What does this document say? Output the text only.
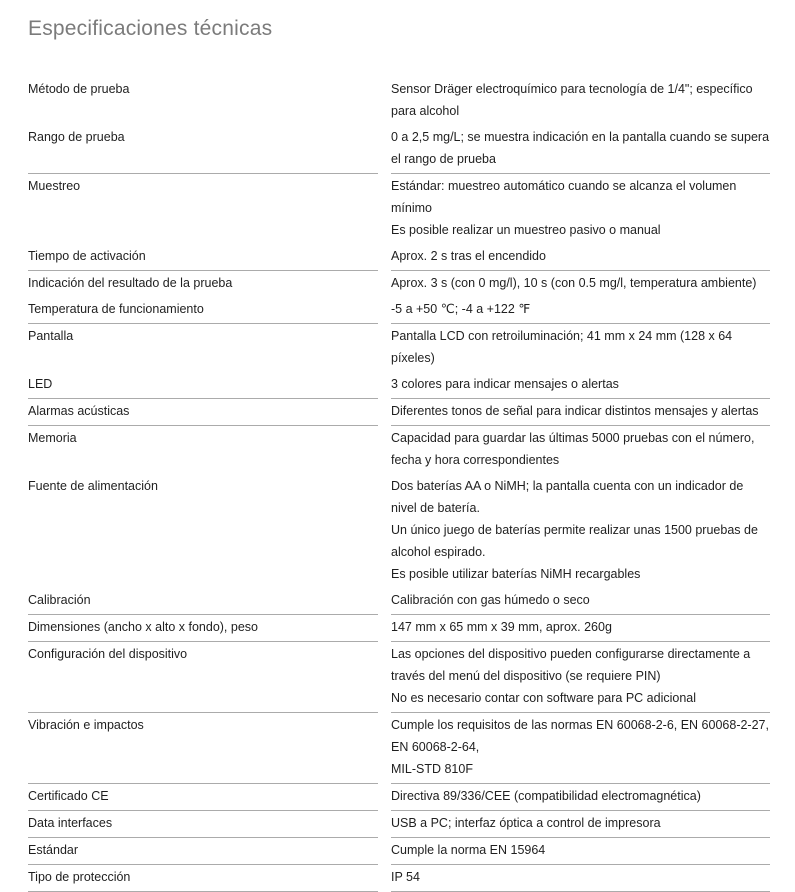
Especificaciones técnicas
Método de prueba	Sensor Dräger electroquímico para tecnología de 1/4"; específico para alcohol

Rango de prueba	0 a 2,5 mg/L; se muestra indicación en la pantalla cuando se supera el rango de prueba

Muestreo	Estándar: muestreo automático cuando se alcanza el volumen mínimo

Es posible realizar un muestreo pasivo o manual

Tiempo de activación	Aprox. 2 s tras el encendido

Indicación del resultado de la prueba	Aprox. 3 s (con 0 mg/l), 10 s (con 0.5 mg/l, temperatura ambiente)

Temperatura de funcionamiento	-5 a +50 ℃; -4 a +122 ℉

Pantalla	Pantalla LCD con retroiluminación; 41 mm x 24 mm (128 x 64 píxeles)

LED	3 colores para indicar mensajes o alertas

Alarmas acústicas	Diferentes tonos de señal para indicar distintos mensajes y alertas

Memoria	Capacidad para guardar las últimas 5000 pruebas con el número, fecha y hora correspondientes

Fuente de alimentación	Dos baterías AA o NiMH; la pantalla cuenta con un indicador de nivel de batería.

Un único juego de baterías permite realizar unas 1500 pruebas de alcohol espirado.

Es posible utilizar baterías NiMH recargables

Calibración	Calibración con gas húmedo o seco

Dimensiones (ancho x alto x fondo), peso	147 mm x 65 mm x 39 mm, aprox. 260g

Configuración del dispositivo	Las opciones del dispositivo pueden configurarse directamente a través del menú del dispositivo (se requiere PIN)

No es necesario contar con software para PC adicional

Vibración e impactos	Cumple los requisitos de las normas EN 60068-2-6, EN 60068-2-27, EN 60068-2-64,

MIL-STD 810F

Certificado CE	Directiva 89/336/CEE (compatibilidad electromagnética)

Data interfaces	USB a PC; interfaz óptica a control de impresora

Estándar	Cumple la norma EN 15964

Tipo de protección	IP 54
